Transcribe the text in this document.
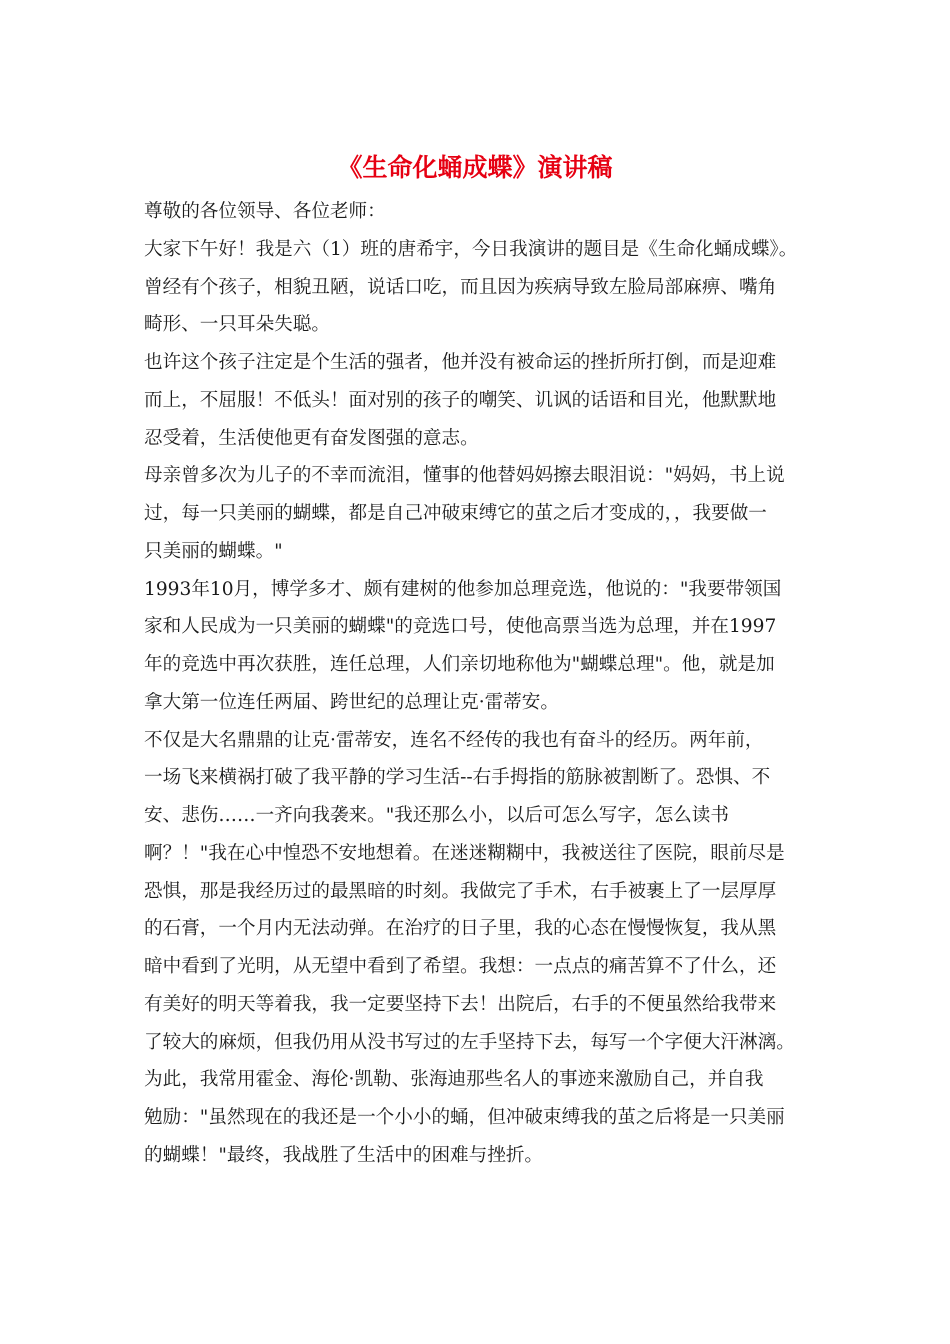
《生命化蛹成蝶》演讲稿
尊敬的各位领导、各位老师：
大家下午好！我是六（1）班的唐希宇，今日我演讲的题目是《生命化蛹成蝶》。
曾经有个孩子，相貌丑陋，说话口吃，而且因为疾病导致左脸局部麻痹、嘴角
畸形、一只耳朵失聪。
也许这个孩子注定是个生活的强者，他并没有被命运的挫折所打倒，而是迎难
而上，不屈服！不低头！面对别的孩子的嘲笑、讥讽的话语和目光，他默默地
忍受着，生活使他更有奋发图强的意志。
母亲曾多次为儿子的不幸而流泪，懂事的他替妈妈擦去眼泪说："妈妈，书上说
过，每一只美丽的蝴蝶，都是自己冲破束缚它的茧之后才变成的，，我要做一
只美丽的蝴蝶。"
1993年10月，博学多才、颇有建树的他参加总理竞选，他说的："我要带领国
家和人民成为一只美丽的蝴蝶"的竞选口号，使他高票当选为总理，并在1997
年的竞选中再次获胜，连任总理，人们亲切地称他为"蝴蝶总理"。他，就是加
拿大第一位连任两届、跨世纪的总理让克·雷蒂安。
不仅是大名鼎鼎的让克·雷蒂安，连名不经传的我也有奋斗的经历。两年前，
一场飞来横祸打破了我平静的学习生活--右手拇指的筋脉被割断了。恐惧、不
安、悲伤……一齐向我袭来。"我还那么小，以后可怎么写字，怎么读书
啊？！"我在心中惶恐不安地想着。在迷迷糊糊中，我被送往了医院，眼前尽是
恐惧，那是我经历过的最黑暗的时刻。我做完了手术，右手被裹上了一层厚厚
的石膏，一个月内无法动弹。在治疗的日子里，我的心态在慢慢恢复，我从黑
暗中看到了光明，从无望中看到了希望。我想：一点点的痛苦算不了什么，还
有美好的明天等着我，我一定要坚持下去！出院后，右手的不便虽然给我带来
了较大的麻烦，但我仍用从没书写过的左手坚持下去，每写一个字便大汗淋漓。
为此，我常用霍金、海伦·凯勒、张海迪那些名人的事迹来激励自己，并自我
勉励："虽然现在的我还是一个小小的蛹，但冲破束缚我的茧之后将是一只美丽
的蝴蝶！"最终，我战胜了生活中的困难与挫折。
